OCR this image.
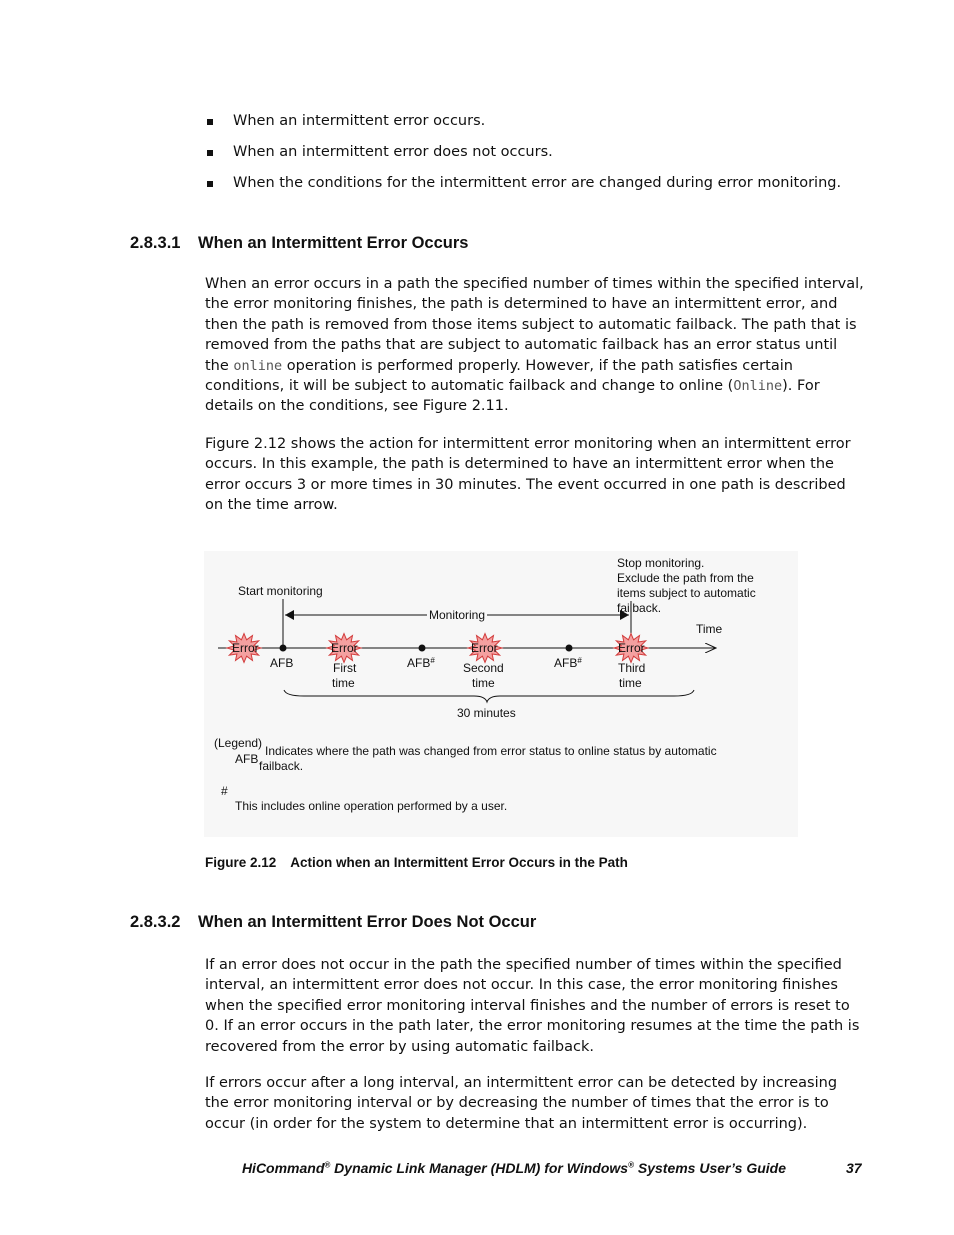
When an intermittent error occurs.
When an intermittent error does not occurs.
When the conditions for the intermittent error are changed during error monitoring.
2.8.3.1 When an Intermittent Error Occurs

When an error occurs in a path the specified number of times within the specified interval, the error monitoring finishes, the path is determined to have an intermittent error, and then the path is removed from those items subject to automatic failback. The path that is removed from the paths that are subject to automatic failback has an error status until the online operation is performed properly. However, if the path satisfies certain conditions, it will be subject to automatic failback and change to online (Online). For details on the conditions, see Figure 2.11.

Figure 2.12 shows the action for intermittent error monitoring when an intermittent error occurs. In this example, the path is determined to have an intermittent error when the error occurs 3 or more times in 30 minutes. The event occurred in one path is described on the time arrow.

Stop monitoring.
Exclude the path from the
items subject to automatic
failback.
Start monitoring
Monitoring
Time
Error	Error	Error	Error
AFB	AFB#	AFB#
First
time
Second
time
Third
time
30 minutes
(Legend)
AFB
Indicates where the path was changed from error status to online status by automatic
failback.
#
This includes online operation performed by a user.
Figure 2.12 Action when an Intermittent Error Occurs in the Path
2.8.3.2 When an Intermittent Error Does Not Occur

If an error does not occur in the path the specified number of times within the specified interval, an intermittent error does not occur. In this case, the error monitoring finishes when the specified error monitoring interval finishes and the number of errors is reset to 0. If an error occurs in the path later, the error monitoring resumes at the time the path is recovered from the error by using automatic failback.

If errors occur after a long interval, an intermittent error can be detected by increasing the error monitoring interval or by decreasing the number of times that the error is to occur (in order for the system to determine that an intermittent error is occurring).

HiCommand® Dynamic Link Manager (HDLM) for Windows® Systems User’s Guide	37
